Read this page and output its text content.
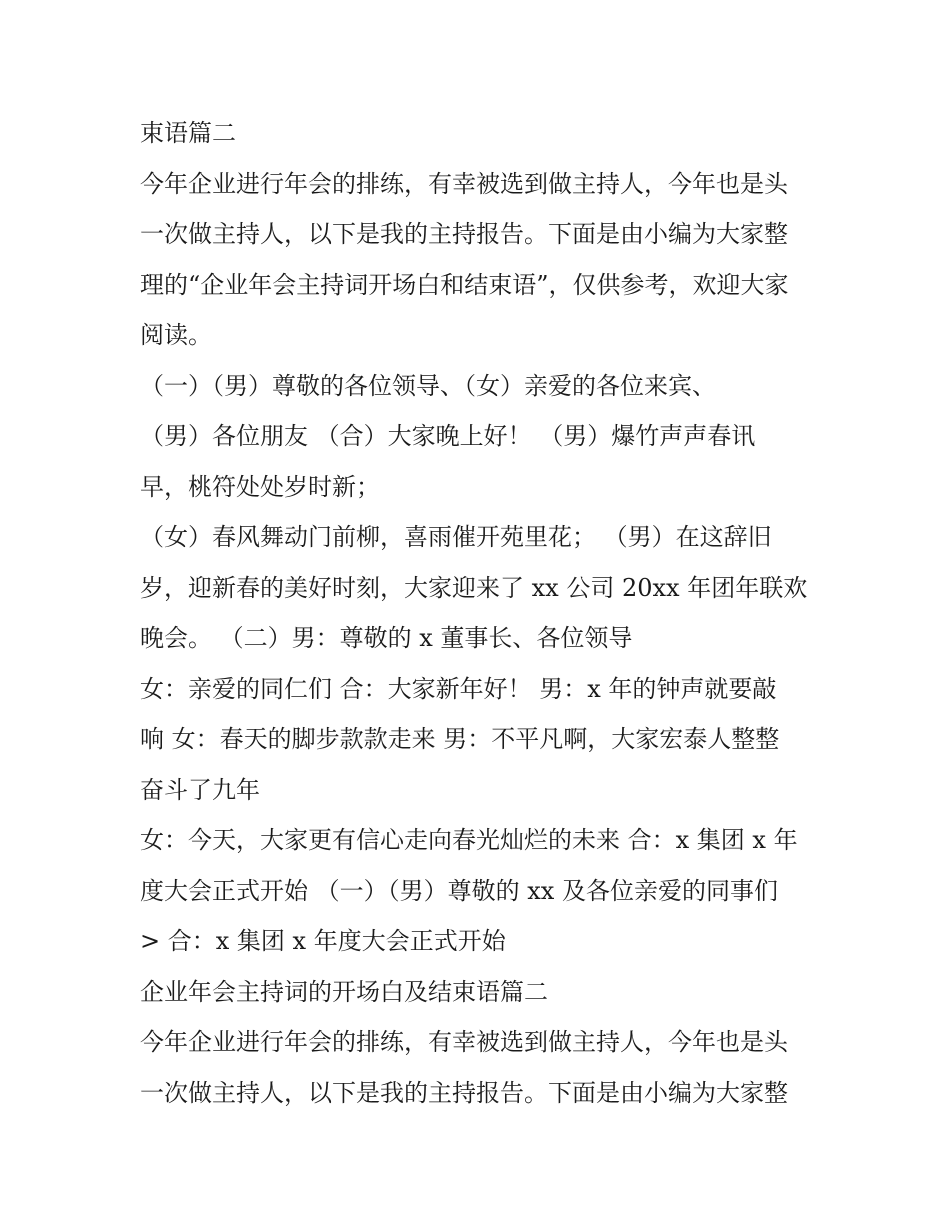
束语篇二
今年企业进行年会的排练，有幸被选到做主持人，今年也是头
一次做主持人，以下是我的主持报告。下面是由小编为大家整
理的“企业年会主持词开场白和结束语”，仅供参考，欢迎大家
阅读。
（一）（男）尊敬的各位领导、（女）亲爱的各位来宾、
（男）各位朋友 （合）大家晚上好！ （男）爆竹声声春讯
早，桃符处处岁时新；
（女）春风舞动门前柳，喜雨催开苑里花； （男）在这辞旧
岁，迎新春的美好时刻，大家迎来了 xx 公司 20xx 年团年联欢
晚会。 （二）男：尊敬的 x 董事长、各位领导
女：亲爱的同仁们 合：大家新年好！ 男：x 年的钟声就要敲
响 女：春天的脚步款款走来 男：不平凡啊，大家宏泰人整整
奋斗了九年
女：今天，大家更有信心走向春光灿烂的未来 合：x 集团 x 年
度大会正式开始 （一）（男）尊敬的 xx 及各位亲爱的同事们
> 合：x 集团 x 年度大会正式开始
企业年会主持词的开场白及结束语篇二
今年企业进行年会的排练，有幸被选到做主持人，今年也是头
一次做主持人，以下是我的主持报告。下面是由小编为大家整
